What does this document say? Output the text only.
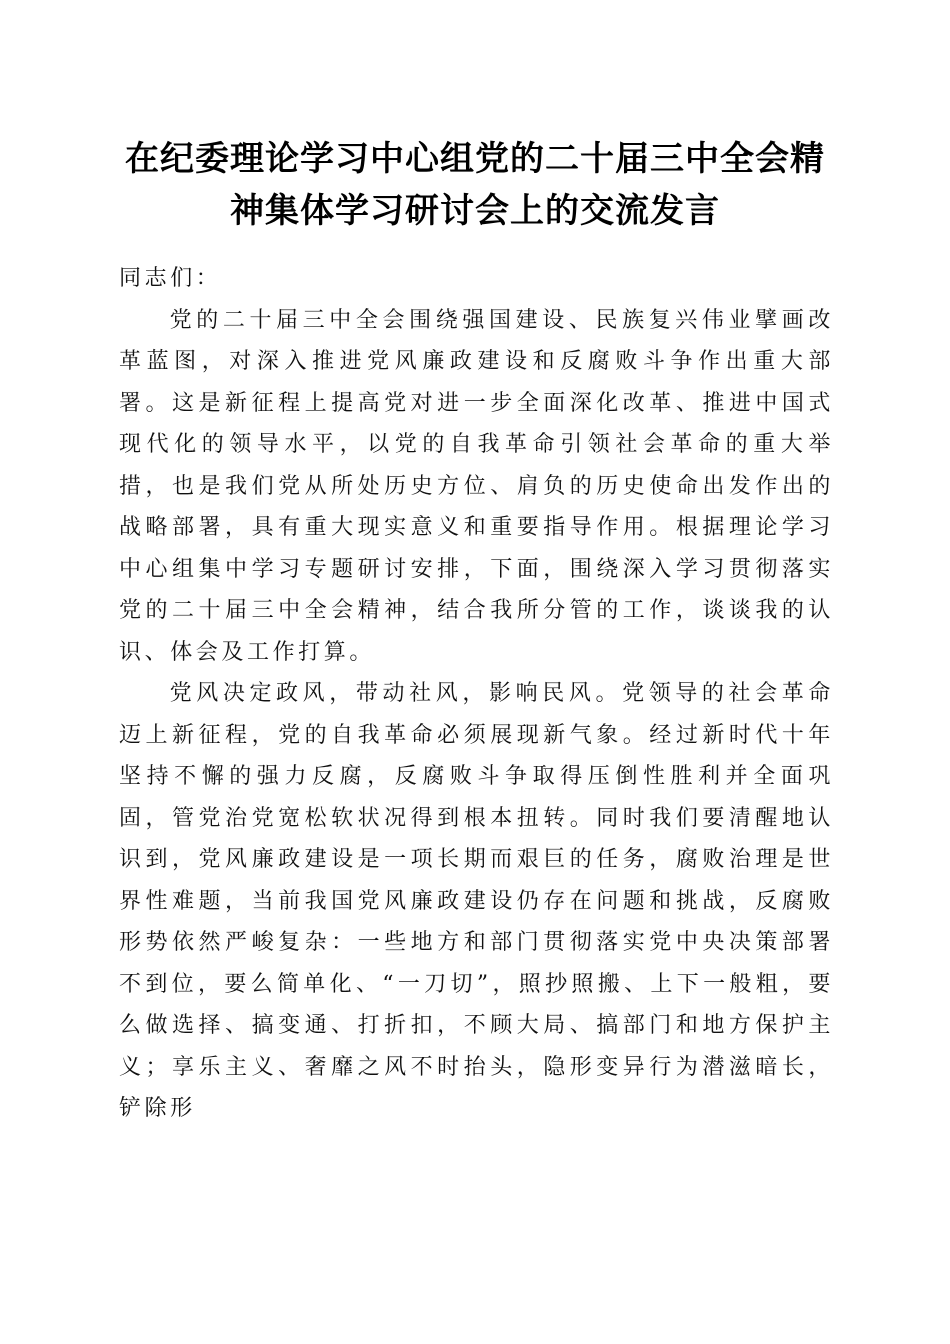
在纪委理论学习中心组党的二十届三中全会精
神集体学习研讨会上的交流发言

同志们：

党的二十届三中全会围绕强国建设、民族复兴伟业擘画改革蓝图，对深入推进党风廉政建设和反腐败斗争作出重大部署。这是新征程上提高党对进一步全面深化改革、推进中国式现代化的领导水平，以党的自我革命引领社会革命的重大举措，也是我们党从所处历史方位、肩负的历史使命出发作出的战略部署，具有重大现实意义和重要指导作用。根据理论学习中心组集中学习专题研讨安排，下面，围绕深入学习贯彻落实党的二十届三中全会精神，结合我所分管的工作，谈谈我的认识、体会及工作打算。

党风决定政风，带动社风，影响民风。党领导的社会革命迈上新征程，党的自我革命必须展现新气象。经过新时代十年坚持不懈的强力反腐，反腐败斗争取得压倒性胜利并全面巩固，管党治党宽松软状况得到根本扭转。同时我们要清醒地认识到，党风廉政建设是一项长期而艰巨的任务，腐败治理是世界性难题，当前我国党风廉政建设仍存在问题和挑战，反腐败形势依然严峻复杂：一些地方和部门贯彻落实党中央决策部署不到位，要么简单化、“一刀切”，照抄照搬、上下一般粗，要么做选择、搞变通、打折扣，不顾大局、搞部门和地方保护主义；享乐主义、奢靡之风不时抬头，隐形变异行为潜滋暗长，铲除形
